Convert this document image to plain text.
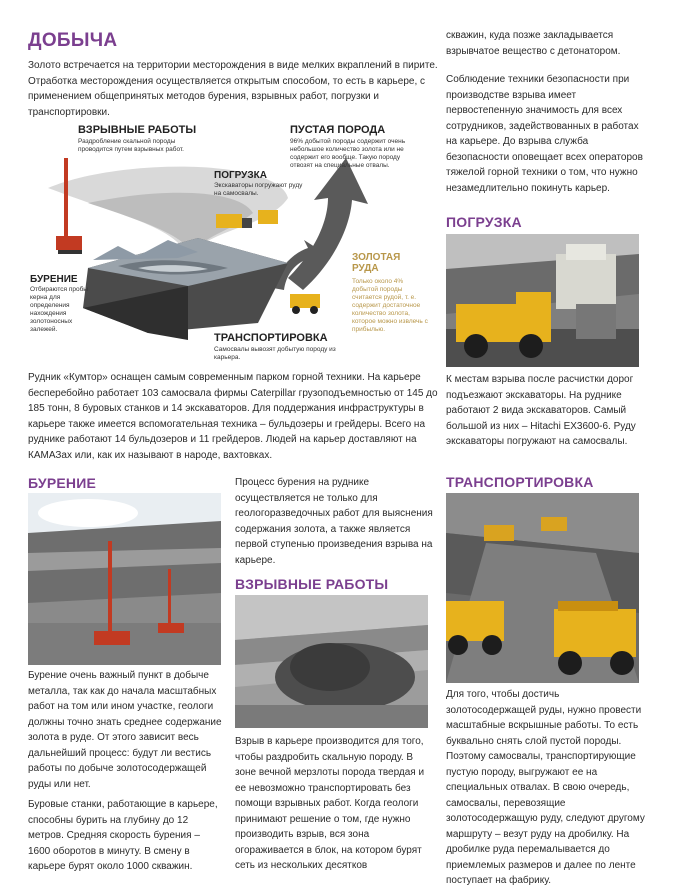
ДОБЫЧА
Золото встречается на территории месторождения в виде мелких вкраплений в пирите. Отработка месторождения осуществляется открытым способом, то есть в карьере, с применением общепринятых методов бурения, взрывных работ, погрузки и транспортировки.
ВЗРЫВНЫЕ РАБОТЫ
Раздробление скальной породы проводится путем взрывных работ.
ПУСТАЯ ПОРОДА
96% добытой породы содержит очень небольшое количество золота или не содержит его вообще. Такую породу отвозят на специальные отвалы.
ПОГРУЗКА
Экскаваторы погружают руду на самосвалы.
ЗОЛОТАЯ РУДА
Только около 4% добытой породы считается рудой, т. е. содержит достаточное количество золота, которое можно извлечь с прибылью.
БУРЕНИЕ
Отбираются пробы керна для определения нахождения золотоносных залежей.
ТРАНСПОРТИРОВКА
Самосвалы вывозят добытую породу из карьера.
Рудник «Кумтор» оснащен самым современным парком горной техники. На карьере бесперебойно работает 103 самосвала фирмы Caterpillar грузоподъемностью от 145 до 185 тонн, 8 буровых станков и 14 экскаваторов. Для поддержания инфраструктуры в карьере также имеется вспомогательная техника – бульдозеры и грейдеры. Всего на руднике работают 14 бульдозеров и 11 грейдеров. Людей на карьер доставляют на КАМАЗах или, как их называют в народе, вахтовках.
скважин, куда позже закладывается взрывчатое вещество с детонатором.
Соблюдение техники безопасности при производстве взрыва имеет первостепенную значимость для всех сотрудников, задействованных в работах на карьере. До взрыва служба безопасности оповещает всех операторов тяжелой горной техники о том, что нужно незамедлительно покинуть карьер.
ПОГРУЗКА
К местам взрыва после расчистки дорог подъезжают экскаваторы. На руднике работают 2 вида экскаваторов. Самый большой из них – Hitachi EX3600-6. Руду экскаваторы погружают на самосвалы.
БУРЕНИЕ
Бурение очень важный пункт в добыче металла, так как до начала масштабных работ на том или ином участке, геологи должны точно знать среднее содержание золота в руде. От этого зависит весь дальнейший процесс: будут ли вестись работы по добыче золотосодержащей руды или нет.
Буровые станки, работающие в карьере, способны бурить на глубину до 12 метров. Средняя скорость бурения – 1600 оборотов в минуту. В смену в карьере бурят около 1000 скважин.
Процесс бурения на руднике осуществляется не только для геологоразведочных работ для выяснения содержания золота, а также является первой ступенью произведения взрыва на карьере.
ВЗРЫВНЫЕ РАБОТЫ
Взрыв в карьере производится для того, чтобы раздробить скальную породу. В зоне вечной мерзлоты порода твердая и ее невозможно транспортировать без помощи взрывных работ. Когда геологи принимают решение о том, где нужно производить взрыв, вся зона огораживается в блок, на котором бурят сеть из нескольких десятков
ТРАНСПОРТИРОВКА
Для того, чтобы достичь золотосодержащей руды, нужно провести масштабные вскрышные работы. То есть буквально снять слой пустой породы. Поэтому самосвалы, транспортирующие пустую породу, выгружают ее на специальных отвалах. В свою очередь, самосвалы, перевозящие золотосодержащую руду, следуют другому маршруту – везут руду на дробилку. На дробилке руда перемалывается до приемлемых размеров и далее по ленте поступает на фабрику.
